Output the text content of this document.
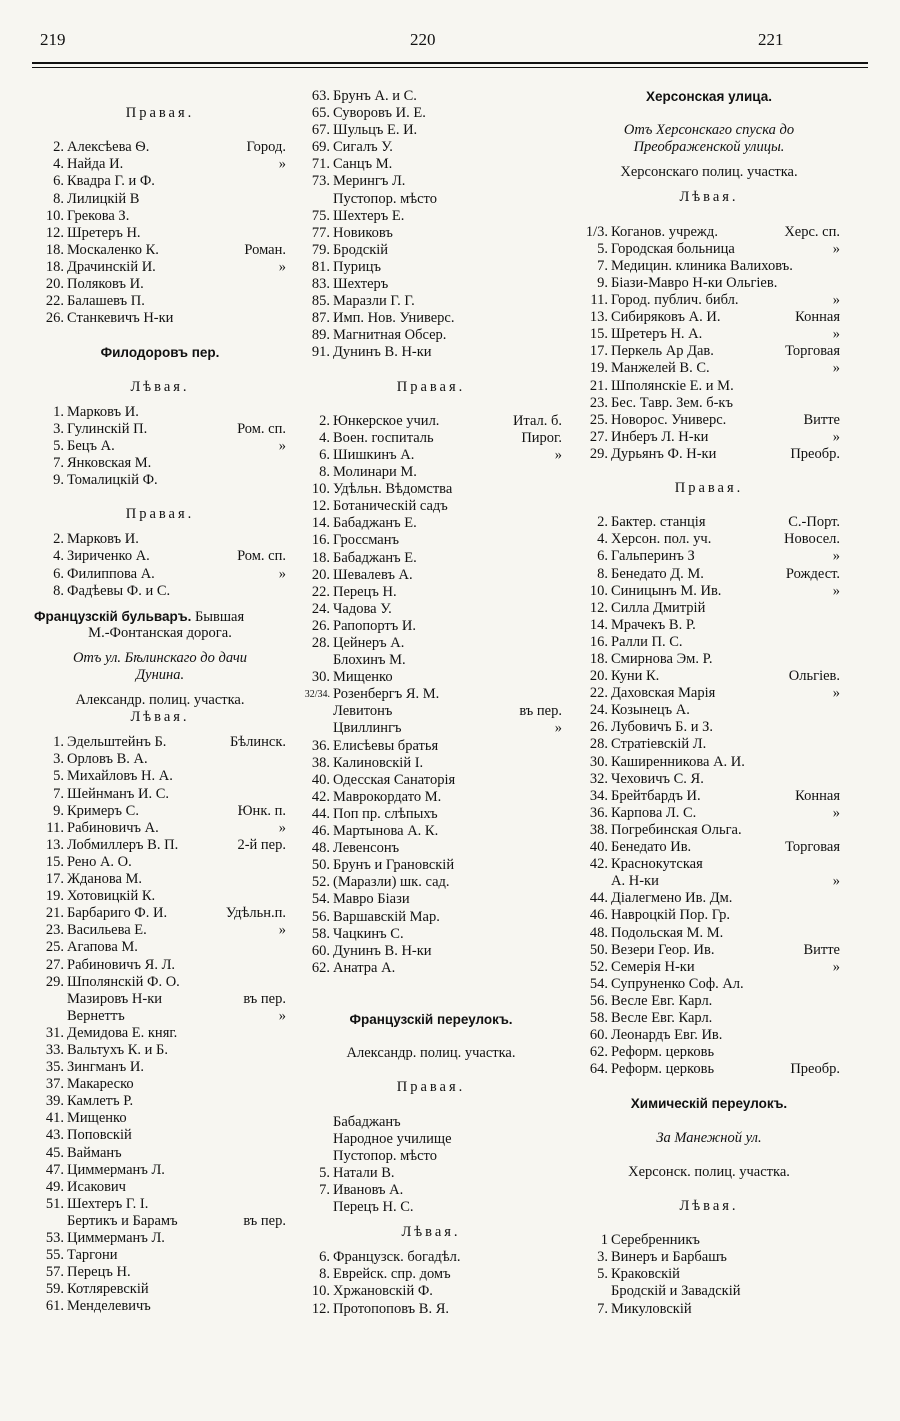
219	220	221
Правая.
2. Алексѣева Ѳ.	Город.
4. Найда И.	»
6. Квадра Г. и Ф.
8. Лилицкій В
10. Грекова З.
12. Шретеръ Н.
18. Москаленко К.	Роман.
18. Драчинскій И.	»
20. Поляковъ И.
22. Балашевъ П.
26. Станкевичъ Н-ки
Филодоровъ пер.
Лѣвая.
1. Марковъ И.
3. Гулинскій П.	Ром. сп.
5. Бецъ А.	»
7. Янковская М.
9. Томалицкій Ф.
Правая.
2. Марковъ И.
4. Зириченко А.	Ром. сп.
6. Филиппова А.	»
8. Фадѣевы Ф. и С.
Французскій бульваръ. Бывшая
М.-Фонтанская дорога.
Отъ ул. Бѣлинскаго до дачи
Дунина.
Александр. полиц. участка.
Лѣвая.
1. Эдельштейнъ Б.	Бѣлинск.
3. Орловъ В. А.
5. Михайловъ Н. А.
7. Шейнманъ И. С.
9. Кримеръ С.	Юнк. п.
11. Рабиновичъ А.	»
13. Лобмиллеръ В. П.	2-й пер.
15. Рено А. О.
17. Жданова М.
19. Хотовицкій К.
21. Барбариго Ф. И.	Удѣльн.п.
23. Васильева Е.	»
25. Агапова М.
27. Рабиновичъ Я. Л.
29. Шполянскій Ф. О.
Мазировъ Н-ки	въ пер.
Вернеттъ	»
31. Демидова Е. княг.
33. Вальтухъ К. и Б.
35. Зингманъ И.
37. Макареско
39. Камлетъ Р.
41. Мищенко
43. Поповскій
45. Вайманъ
47. Циммерманъ Л.
49. Исакович
51. Шехтеръ Г. І.
Бертикъ и Барамъ	въ пер.
53. Циммерманъ Л.
55. Таргони
57. Перецъ Н.
59. Котляревскій
61. Менделевичъ
63. Брунъ А. и С.
65. Суворовъ И. Е.
67. Шульцъ Е. И.
69. Сигалъ У.
71. Санцъ М.
73. Мерингъ Л.
Пустопор. мѣсто
75. Шехтеръ Е.
77. Новиковъ
79. Бродскій
81. Пурицъ
83. Шехтеръ
85. Маразли Г. Г.
87. Имп. Нов. Универс.
89. Магнитная Обсер.
91. Дунинъ В. Н-ки
Правая.
2. Юнкерское учил.	Итал. б.
4. Воен. госпиталь	Пирог.
6. Шишкинъ А.	»
8. Молинари М.
10. Удѣльн. Вѣдомства
12. Ботаническій садъ
14. Бабаджанъ Е.
16. Гроссманъ
18. Бабаджанъ Е.
20. Шевалевъ А.
22. Перецъ Н.
24. Чадова У.
26. Рапопортъ И.
28. Цейнеръ А.
Блохинъ М.
30. Мищенко
32/34. Розенбергъ Я. М.
Левитонъ	въ пер.
Цвиллингъ	»
36. Елисѣевы братья
38. Калиновскій І.
40. Одесская Санаторія
42. Маврокордато М.
44. Поп пр. слѣпыхъ
46. Мартынова А. К.
48. Левенсонъ
50. Брунъ и Грановскій
52. (Маразли) шк. сад.
54. Мавро Біази
56. Варшавскій Мар.
58. Чацкинъ С.
60. Дунинъ В. Н-ки
62. Анатра А.
Французскій переулокъ.
Александр. полиц. участка.
Правая.
Бабаджанъ
Народное училище
Пустопор. мѣсто
5. Натали В.
7. Ивановъ А.
Перецъ Н. С.
Лѣвая.
6. Французск. богадѣл.
8. Еврейск. спр. домъ
10. Хржановскій Ф.
12. Протопоповъ В. Я.
Херсонская улица.
Отъ Херсонскаго спуска до
Преображенской улицы.
Херсонскаго полиц. участка.
Лѣвая.
1/3. Коганов. учрежд.	Херс. сп.
5. Городская больница	»
7. Медицин. клиника Валиховъ.
9. Біази-Мавро Н-ки Ольгіев.
11. Город. публич. библ.	»
13. Сибиряковъ А. И.	Конная
15. Шретеръ Н. А.	»
17. Перкель Ар Дав.	Торговая
19. Манжелей В. С.	»
21. Шполянскіе Е. и М.
23. Бес. Тавр. Зем. б-къ
25. Новорос. Универс.	Витте
27. Инберъ Л. Н-ки	»
29. Дурьянъ Ф. Н-ки	Преобр.
Правая.
2. Бактер. станція	С.-Порт.
4. Херсон. пол. уч.	Новосел.
6. Гальперинъ З	»
8. Бенедато Д. М.	Рождест.
10. Синицынъ М. Ив.	»
12. Силла Дмитрій
14. Мрачекъ В. Р.
16. Ралли П. С.
18. Смирнова Эм. Р.
20. Куни К.	Ольгіев.
22. Даховская Марія	»
24. Козынецъ А.
26. Лубовичъ Б. и З.
28. Стратіевскій Л.
30. Каширенникова А. И.
32. Чеховичъ С. Я.
34. Брейтбардъ И.	Конная
36. Карпова Л. С.	»
38. Погребинская Ольга.
40. Бенедато Ив.	Торговая
42. Краснокутская
А. Н-ки	»
44. Діалегмено Ив. Дм.
46. Навроцкій Пор. Гр.
48. Подольская М. М.
50. Везери Геор. Ив.	Витте
52. Семерія Н-ки	»
54. Супруненко Соф. Ал.
56. Весле Евг. Карл.
58. Весле Евг. Карл.
60. Леонардъ Евг. Ив.
62. Реформ. церковь
64. Реформ. церковь	Преобр.
Химическій переулокъ.
За Манежной ул.
Херсонск. полиц. участка.
Лѣвая.
1 Серебренникъ
3. Винеръ и Барбашъ
5. Краковскій
Бродскій и Завадскій
7. Микуловскій
